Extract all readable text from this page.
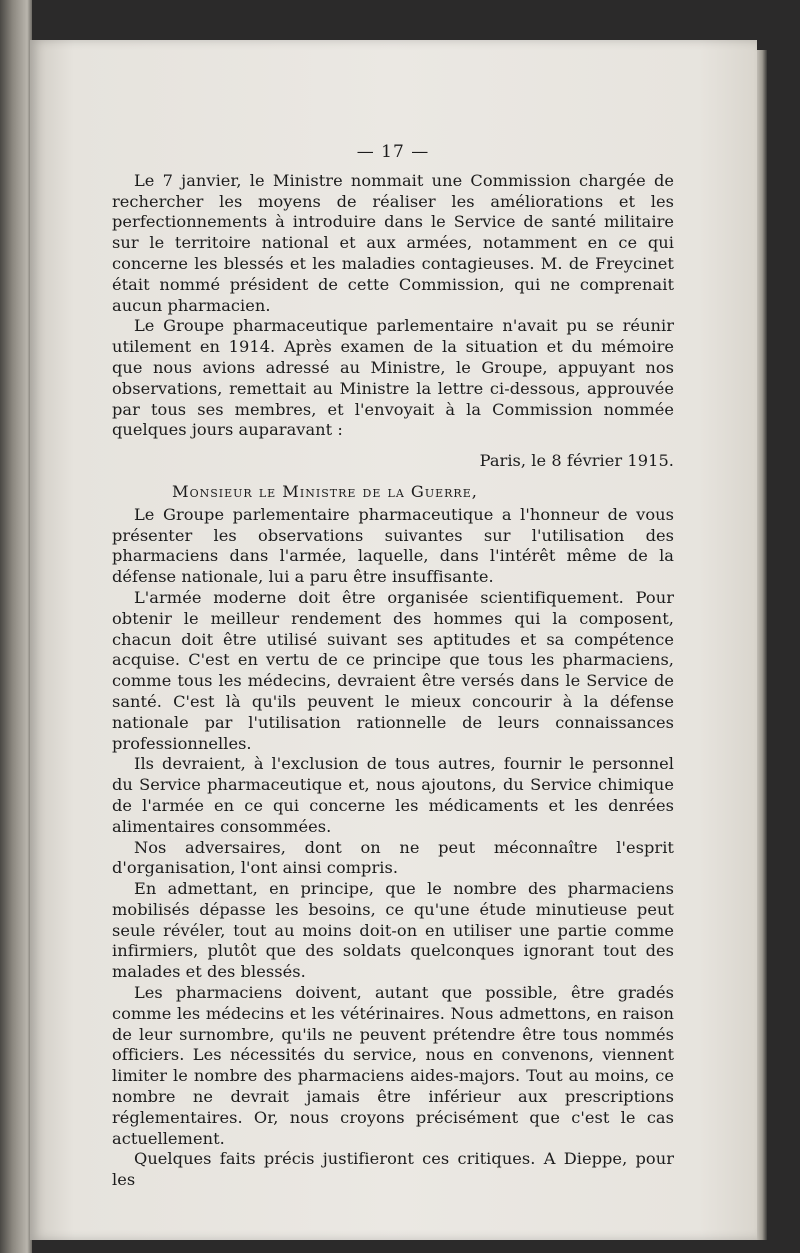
— 17 —

Le 7 janvier, le Ministre nommait une Commission chargée de rechercher les moyens de réaliser les améliorations et les perfectionnements à introduire dans le Service de santé militaire sur le territoire national et aux armées, notamment en ce qui concerne les blessés et les maladies contagieuses. M. de Freycinet était nommé président de cette Commission, qui ne comprenait aucun pharmacien.

Le Groupe pharmaceutique parlementaire n'avait pu se réunir utilement en 1914. Après examen de la situation et du mémoire que nous avions adressé au Ministre, le Groupe, appuyant nos observations, remettait au Ministre la lettre ci-dessous, approuvée par tous ses membres, et l'envoyait à la Commission nommée quelques jours auparavant :

Paris, le 8 février 1915.

Monsieur le Ministre de la Guerre,

Le Groupe parlementaire pharmaceutique a l'honneur de vous présenter les observations suivantes sur l'utilisation des pharmaciens dans l'armée, laquelle, dans l'intérêt même de la défense nationale, lui a paru être insuffisante.

L'armée moderne doit être organisée scientifiquement. Pour obtenir le meilleur rendement des hommes qui la composent, chacun doit être utilisé suivant ses aptitudes et sa compétence acquise. C'est en vertu de ce principe que tous les pharmaciens, comme tous les médecins, devraient être versés dans le Service de santé. C'est là qu'ils peuvent le mieux concourir à la défense nationale par l'utilisation rationnelle de leurs connaissances professionnelles.

Ils devraient, à l'exclusion de tous autres, fournir le personnel du Service pharmaceutique et, nous ajoutons, du Service chimique de l'armée en ce qui concerne les médicaments et les denrées alimentaires consommées.

Nos adversaires, dont on ne peut méconnaître l'esprit d'organisation, l'ont ainsi compris.

En admettant, en principe, que le nombre des pharmaciens mobilisés dépasse les besoins, ce qu'une étude minutieuse peut seule révéler, tout au moins doit-on en utiliser une partie comme infirmiers, plutôt que des soldats quelconques ignorant tout des malades et des blessés.

Les pharmaciens doivent, autant que possible, être gradés comme les médecins et les vétérinaires. Nous admettons, en raison de leur surnombre, qu'ils ne peuvent prétendre être tous nommés officiers. Les nécessités du service, nous en convenons, viennent limiter le nombre des pharmaciens aides-majors. Tout au moins, ce nombre ne devrait jamais être inférieur aux prescriptions réglementaires. Or, nous croyons précisément que c'est le cas actuellement.

Quelques faits précis justifieront ces critiques. A Dieppe, pour les
